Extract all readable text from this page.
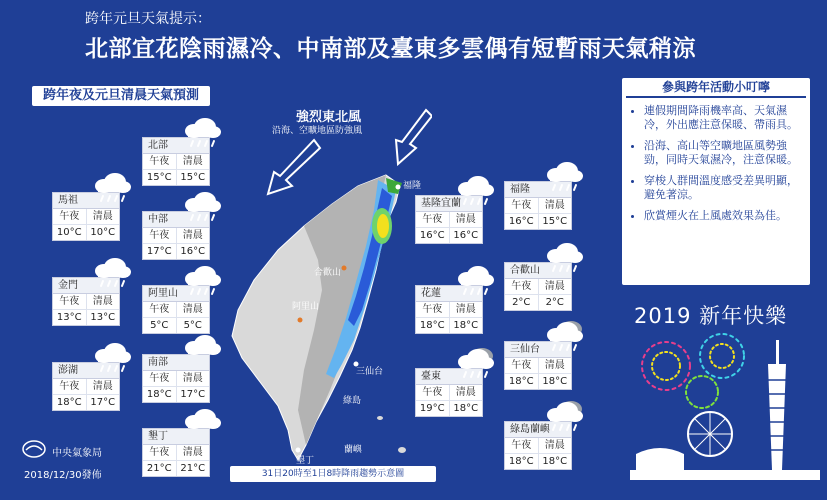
跨年元旦天氣提示：
北部宜花陰雨濕冷、中南部及臺東多雲偶有短暫雨天氣稍涼
跨年夜及元旦清晨天氣預測
福隆
合歡山
阿里山
三仙台
綠島
蘭嶼
墾丁
強烈東北風
沿海、空曠地區防強風
31日20時至1日8時降雨趨勢示意圖
北部
午夜	清晨
15°C 15°C
馬祖
午夜	清晨
10°C 10°C
中部
午夜	清晨
17°C 16°C
金門
午夜	清晨
13°C 13°C
阿里山
午夜	清晨
5°C	5°C
澎湖
午夜	清晨
18°C 17°C
南部
午夜	清晨
18°C 17°C
墾丁
午夜	清晨
21°C 21°C
基隆宜蘭
午夜	清晨
16°C 16°C
福隆
午夜	清晨
16°C 15°C
合歡山
午夜	清晨
2°C	2°C
花蓮
午夜	清晨
18°C 18°C
三仙台
午夜	清晨
18°C 18°C
臺東
午夜	清晨
19°C 18°C
綠島蘭嶼
午夜	清晨
18°C 18°C
參與跨年活動小叮嚀
• 連假期間降雨機率高、天氣濕冷，外出應注意保暖、帶雨具。
• 沿海、高山等空曠地區風勢強勁，同時天氣濕冷，注意保暖。
• 穿梭人群間溫度感受差異明顯，避免著涼。
• 欣賞煙火在上風處效果為佳。
2019 新年快樂
中央氣象局
2018/12/30發佈
